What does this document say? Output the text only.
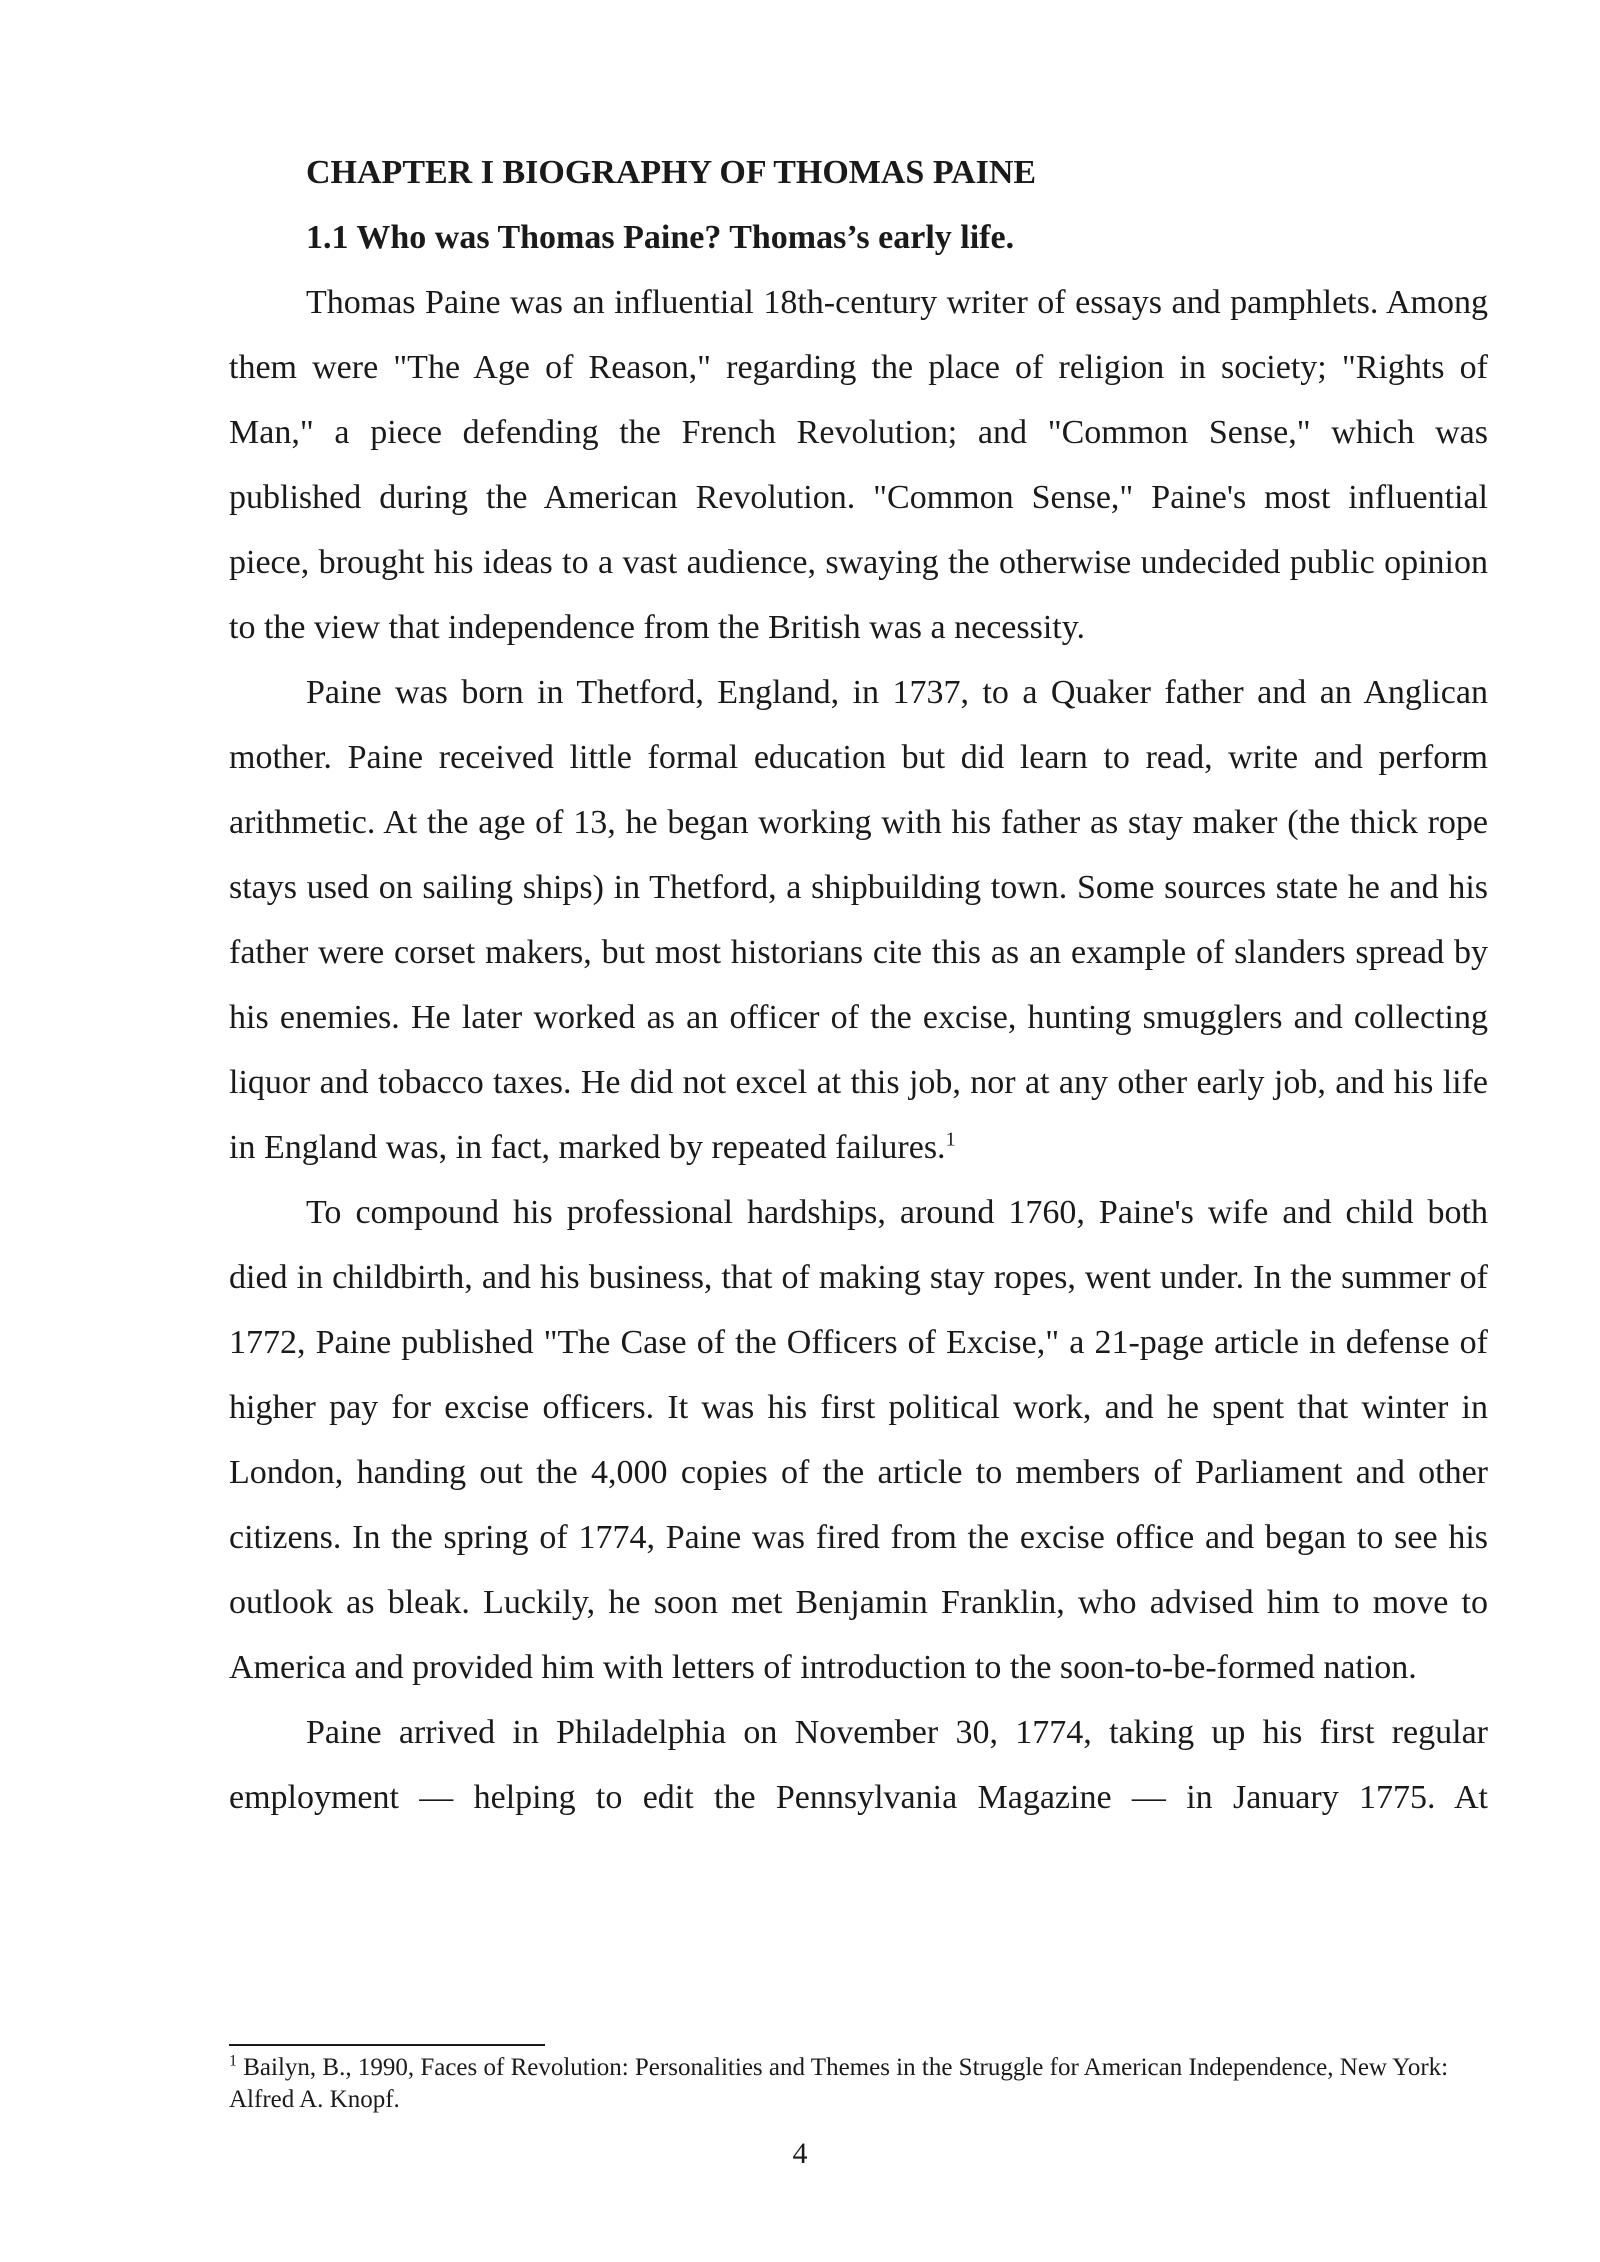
CHAPTER I BIOGRAPHY OF THOMAS PAINE

1.1 Who was Thomas Paine? Thomas’s early life.

Thomas Paine was an influential 18th-century writer of essays and pamphlets. Among them were "The Age of Reason," regarding the place of religion in society; "Rights of Man," a piece defending the French Revolution; and "Common Sense," which was published during the American Revolution. "Common Sense," Paine's most influential piece, brought his ideas to a vast audience, swaying the otherwise undecided public opinion to the view that independence from the British was a necessity.

Paine was born in Thetford, England, in 1737, to a Quaker father and an Anglican mother. Paine received little formal education but did learn to read, write and perform arithmetic. At the age of 13, he began working with his father as stay maker (the thick rope stays used on sailing ships) in Thetford, a shipbuilding town. Some sources state he and his father were corset makers, but most historians cite this as an example of slanders spread by his enemies. He later worked as an officer of the excise, hunting smugglers and collecting liquor and tobacco taxes. He did not excel at this job, nor at any other early job, and his life in England was, in fact, marked by repeated failures.$^1$

To compound his professional hardships, around 1760, Paine's wife and child both died in childbirth, and his business, that of making stay ropes, went under. In the summer of 1772, Paine published "The Case of the Officers of Excise," a 21-page article in defense of higher pay for excise officers. It was his first political work, and he spent that winter in London, handing out the 4,000 copies of the article to members of Parliament and other citizens. In the spring of 1774, Paine was fired from the excise office and began to see his outlook as bleak. Luckily, he soon met Benjamin Franklin, who advised him to move to America and provided him with letters of introduction to the soon-to-be-formed nation.

Paine arrived in Philadelphia on November 30, 1774, taking up his first regular employment — helping to edit the Pennsylvania Magazine — in January 1775. At

$^1$ Bailyn, B., 1990, Faces of Revolution: Personalities and Themes in the Struggle for American Independence, New York: Alfred A. Knopf.

4
